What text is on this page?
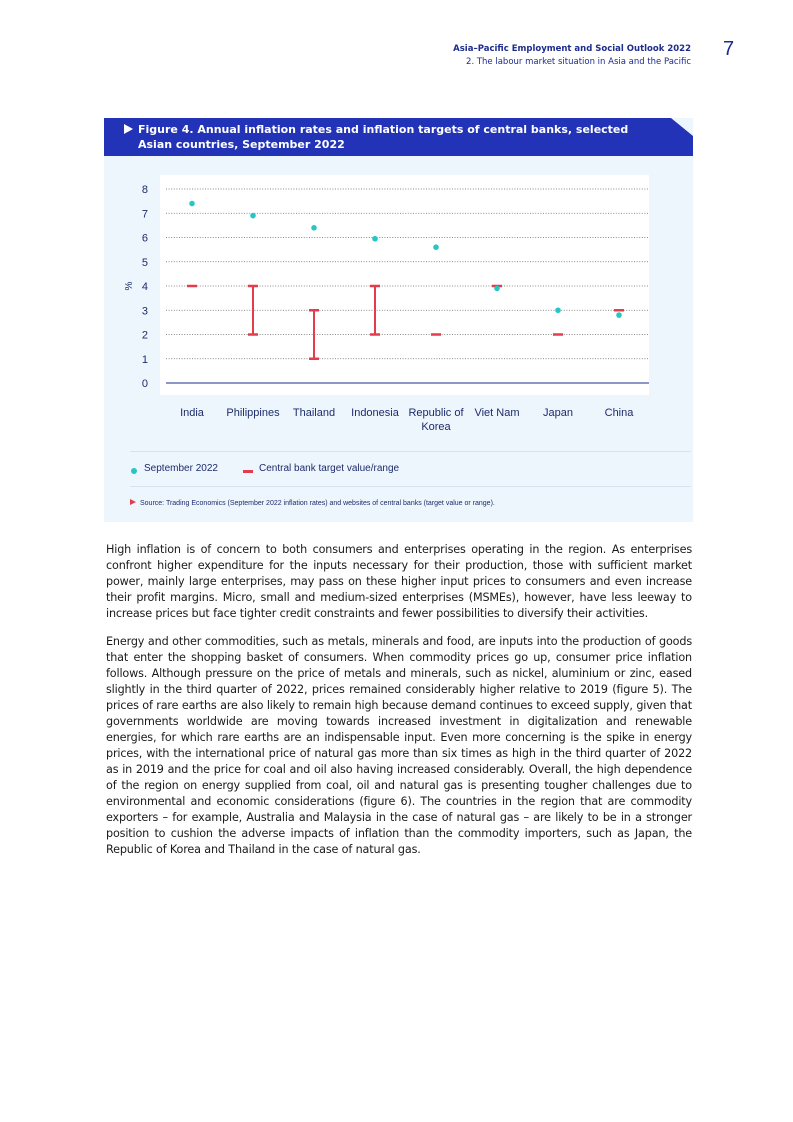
Asia–Pacific Employment and Social Outlook 2022
2. The labour market situation in Asia and the Pacific
7
Figure 4. Annual inflation rates and inflation targets of central banks, selected Asian countries, September 2022
0
1
2
3
4
5
6
7
8
%
India Philippines Thailand Indonesia Republic of
Korea
Viet Nam Japan	China
September 2022	Central bank target value/range
Source: Trading Economics (September 2022 inflation rates) and websites of central banks (target value or range).

High inflation is of concern to both consumers and enterprises operating in the region. As enterprises confront higher expenditure for the inputs necessary for their production, those with sufficient market power, mainly large enterprises, may pass on these higher input prices to consumers and even increase their profit margins. Micro, small and medium-sized enterprises (MSMEs), however, have less leeway to increase prices but face tighter credit constraints and fewer possibilities to diversify their activities.

Energy and other commodities, such as metals, minerals and food, are inputs into the production of goods that enter the shopping basket of consumers. When commodity prices go up, consumer price inflation follows. Although pressure on the price of metals and minerals, such as nickel, aluminium or zinc, eased slightly in the third quarter of 2022, prices remained considerably higher relative to 2019 (figure 5). The prices of rare earths are also likely to remain high because demand continues to exceed supply, given that governments worldwide are moving towards increased investment in digitalization and renewable energies, for which rare earths are an indispensable input. Even more concerning is the spike in energy prices, with the international price of natural gas more than six times as high in the third quarter of 2022 as in 2019 and the price for coal and oil also having increased considerably. Overall, the high dependence of the region on energy supplied from coal, oil and natural gas is presenting tougher challenges due to environmental and economic considerations (figure 6). The countries in the region that are commodity exporters – for example, Australia and Malaysia in the case of natural gas – are likely to be in a stronger position to cushion the adverse impacts of inflation than the commodity importers, such as Japan, the Republic of Korea and Thailand in the case of natural gas.
